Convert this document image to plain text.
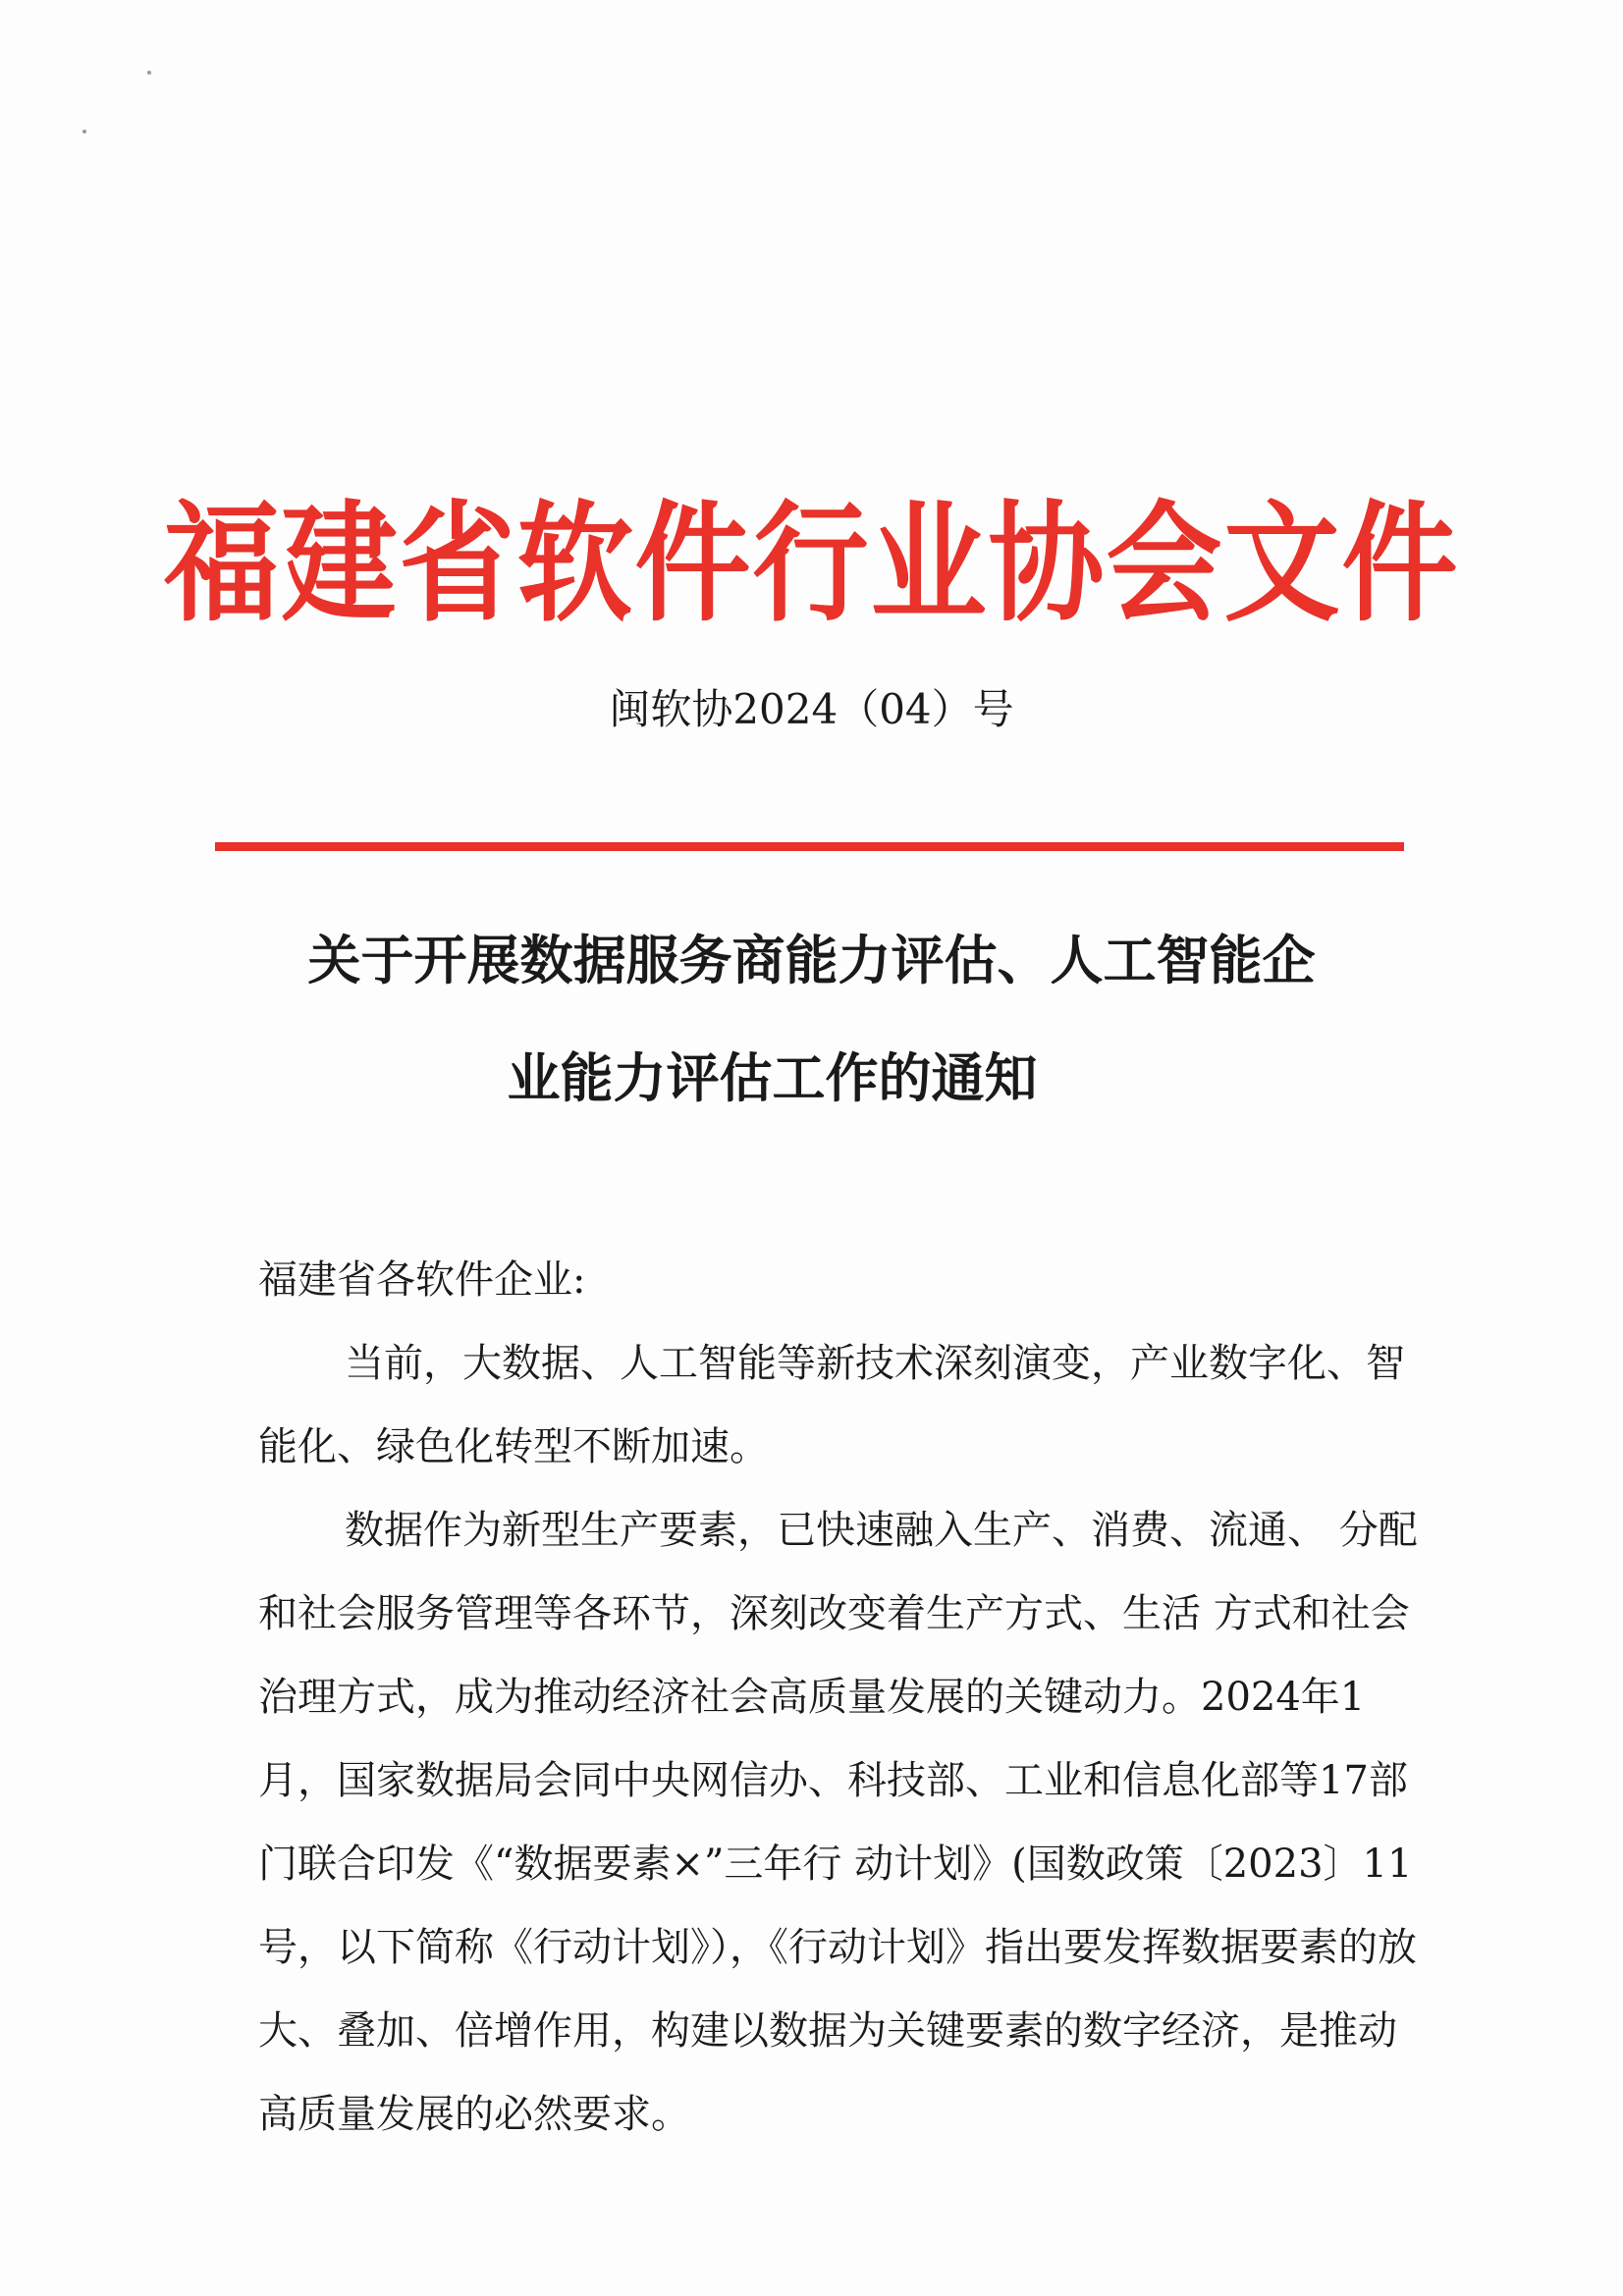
福建省软件行业协会文件
闽软协2024（04）号
关于开展数据服务商能力评估、人工智能企
业能力评估工作的通知

福建省各软件企业:

当前，大数据、人工智能等新技术深刻演变，产业数字化、智能化、绿色化转型不断加速。

数据作为新型生产要素，已快速融入生产、消费、流通、 分配和社会服务管理等各环节，深刻改变着生产方式、生活 方式和社会治理方式，成为推动经济社会高质量发展的关键动力。2024年1月，国家数据局会同中央网信办、科技部、工业和信息化部等17部门联合印发《“数据要素×”三年行 动计划》(国数政策〔2023〕11号，以下简称《行动计划》），《行动计划》指出要发挥数据要素的放大、叠加、倍增作用，构建以数据为关键要素的数字经济，是推动高质量发展的必然要求。
